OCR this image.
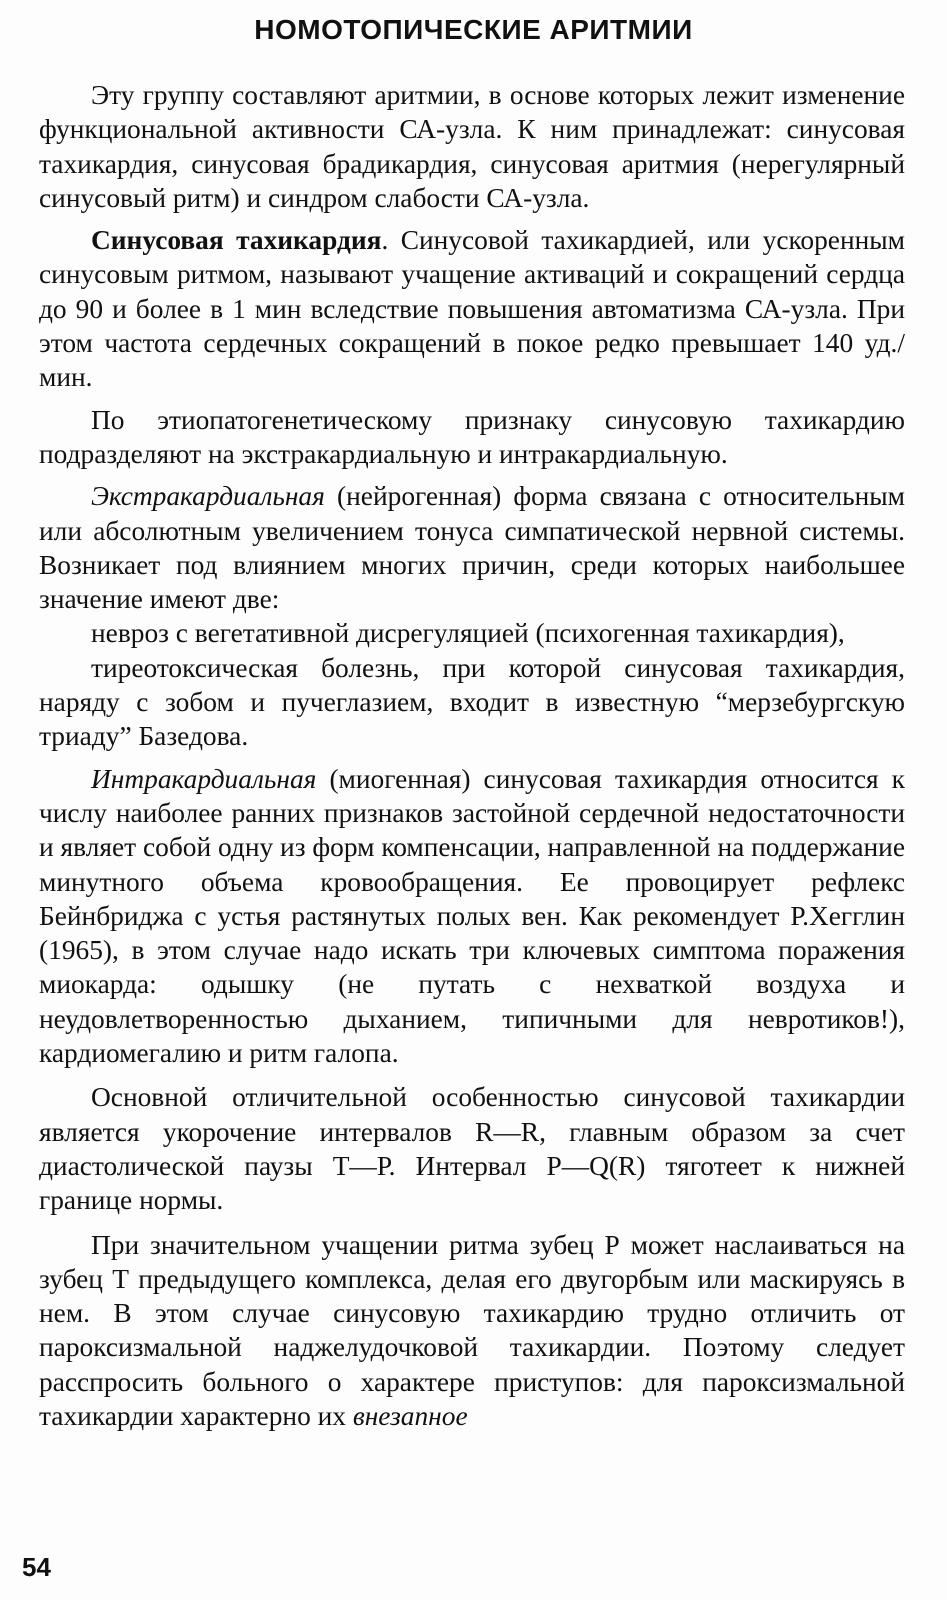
НОМОТОПИЧЕСКИЕ АРИТМИИ

Эту группу составляют аритмии, в основе которых лежит изменение функциональной активности СА-узла. К ним принадлежат: синусовая тахикардия, синусовая брадикардия, синусовая аритмия (нерегулярный синусовый ритм) и синдром слабости СА-узла.

Синусовая тахикардия. Синусовой тахикардией, или ускоренным синусовым ритмом, называют учащение активаций и сокращений сердца до 90 и более в 1 мин вследствие повышения автоматизма СА-узла. При этом частота сердечных сокращений в покое редко превышает 140 уд./мин.

По этиопатогенетическому признаку синусовую тахикардию подразделяют на экстракардиальную и интракардиальную.

Экстракардиальная (нейрогенная) форма связана с относительным или абсолютным увеличением тонуса симпатической нервной системы. Возникает под влиянием многих причин, среди которых наибольшее значение имеют две:

невроз с вегетативной дисрегуляцией (психогенная тахикардия),

тиреотоксическая болезнь, при которой синусовая тахикардия, наряду с зобом и пучеглазием, входит в известную “мерзебургскую триаду” Базедова.

Интракардиальная (миогенная) синусовая тахикардия относится к числу наиболее ранних признаков застойной сердечной недостаточности и являет собой одну из форм компенсации, направленной на поддержание минутного объема кровообращения. Ее провоцирует рефлекс Бейнбриджа с устья растянутых полых вен. Как рекомендует Р.Хегглин (1965), в этом случае надо искать три ключевых симптома поражения миокарда: одышку (не путать с нехваткой воздуха и неудовлетворенностью дыханием, типичными для невротиков!), кардиомегалию и ритм галопа.

Основной отличительной особенностью синусовой тахикардии является укорочение интервалов R—R, главным образом за счет диастолической паузы Т—Р. Интервал Р—Q(R) тяготеет к нижней границе нормы.

При значительном учащении ритма зубец Р может наслаиваться на зубец Т предыдущего комплекса, делая его двугорбым или маскируясь в нем. В этом случае синусовую тахикардию трудно отличить от пароксизмальной наджелудочковой тахикардии. Поэтому следует расспросить больного о характере приступов: для пароксизмальной тахикардии характерно их внезапное

54
